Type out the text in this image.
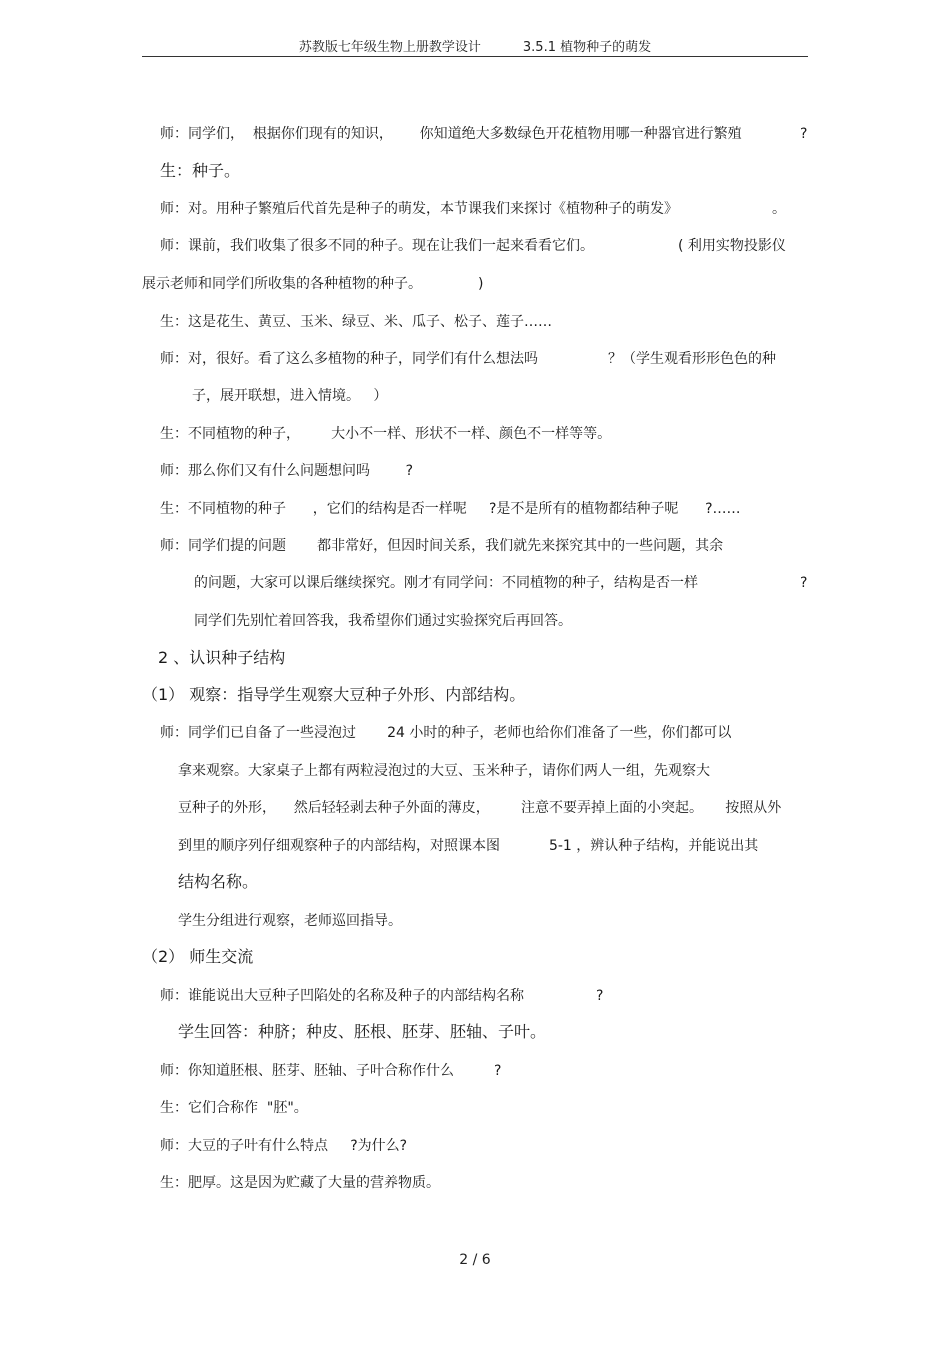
苏教版七年级生物上册教学设计	3.5.1 植物种子的萌发
师：同学们，  根据你们现有的知识，      你知道绝大多数绿色开花植物用哪一种器官进行繁殖	?
生：种子。
师：对。用种子繁殖后代首先是种子的萌发，本节课我们来探讨《植物种子的萌发》	。
师：课前，我们收集了很多不同的种子。现在让我们一起来看看它们。	( 利用实物投影仪
展示老师和同学们所收集的各种植物的种子。	)
生：这是花生、黄豆、玉米、绿豆、米、瓜子、松子、莲子……
师：对，很好。看了这么多植物的种子，同学们有什么想法吗	？（学生观看形形色色的种
子，展开联想，进入情境。   ）
生：不同植物的种子，       大小不一样、形状不一样、颜色不一样等等。
师：那么你们又有什么问题想问吗        ?
生：不同植物的种子      ，它们的结构是否一样呢     ?是不是所有的植物都结种子呢      ?……
师：同学们提的问题       都非常好，但因时间关系，我们就先来探究其中的一些问题，其余
的问题，大家可以课后继续探究。刚才有同学问：不同植物的种子，结构是否一样	?
同学们先别忙着回答我，我希望你们通过实验探究后再回答。
2 、认识种子结构
（1） 观察：指导学生观察大豆种子外形、内部结构。
师：同学们已自备了一些浸泡过       24 小时的种子，老师也给你们准备了一些，你们都可以
拿来观察。大家桌子上都有两粒浸泡过的大豆、玉米种子，请你们两人一组，先观察大
豆种子的外形，    然后轻轻剥去种子外面的薄皮，       注意不要弄掉上面的小突起。     按照从外
到里的顺序列仔细观察种子的内部结构，对照课本图           5-1 ，辨认种子结构，并能说出其
结构名称。
学生分组进行观察，老师巡回指导。
（2） 师生交流
师：谁能说出大豆种子凹陷处的名称及种子的内部结构名称	?
学生回答：种脐；种皮、胚根、胚芽、胚轴、子叶。
师：你知道胚根、胚芽、胚轴、子叶合称作什么         ?
生：它们合称作  "胚"。
师：大豆的子叶有什么特点     ?为什么?
生：肥厚。这是因为贮藏了大量的营养物质。
2 / 6
